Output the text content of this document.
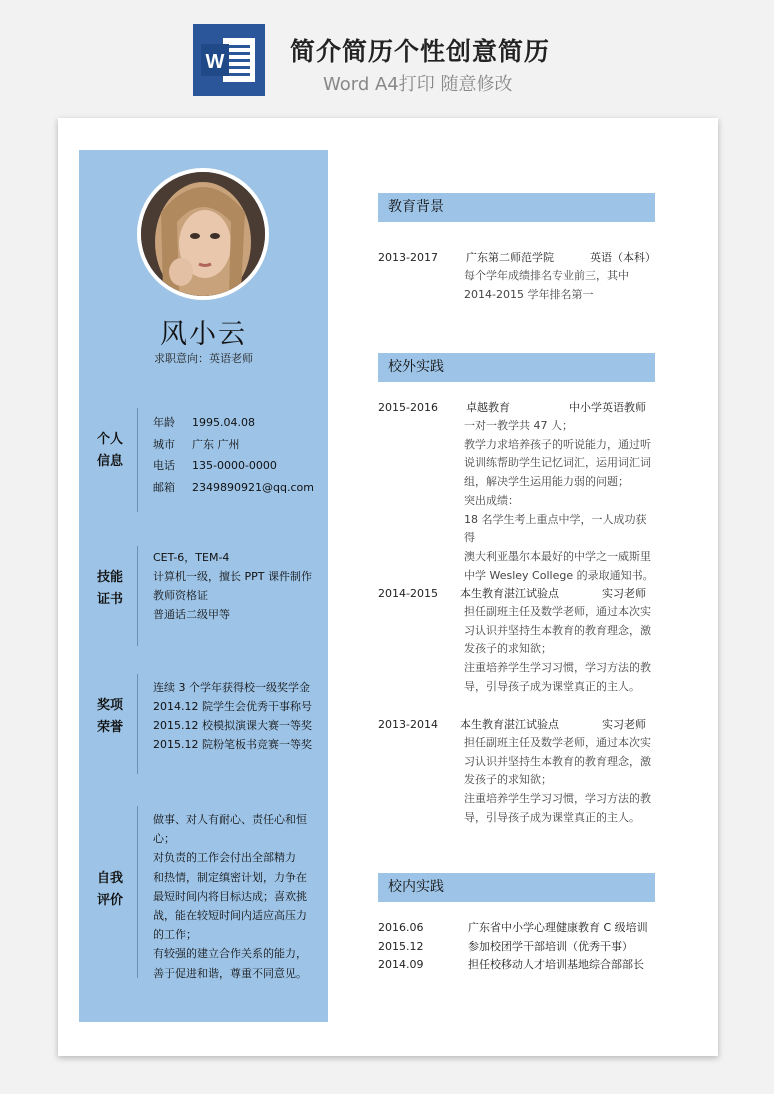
W	简介简历个性创意简历
Word A4打印 随意修改
风小云
求职意向：英语老师
个人
信息
年龄 1995.04.08
城市 广东 广州
电话 135-0000-0000
邮箱 2349890921@qq.com
技能
证书
CET-6，TEM-4
计算机一级，擅长 PPT 课件制作
教师资格证
普通话二级甲等
奖项
荣誉
连续 3 个学年获得校一级奖学金
2014.12 院学生会优秀干事称号
2015.12 校模拟演课大赛一等奖
2015.12 院粉笔板书竞赛一等奖
自我
评价
做事、对人有耐心、责任心和恒
心；
对负责的工作会付出全部精力
和热情，制定缜密计划，力争在
最短时间内将目标达成；喜欢挑
战，能在较短时间内适应高压力
的工作；
有较强的建立合作关系的能力，
善于促进和谐，尊重不同意见。
教育背景
2013-2017	广东第二师范学院	英语（本科）
每个学年成绩排名专业前三，其中
2014-2015 学年排名第一
校外实践
2015-2016	卓越教育	中小学英语教师
一对一教学共 47 人；
教学力求培养孩子的听说能力，通过听
说训练帮助学生记忆词汇，运用词汇词
组，解决学生运用能力弱的问题；
突出成绩：
18 名学生考上重点中学，一人成功获得
澳大利亚墨尔本最好的中学之一威斯里
中学 Wesley College 的录取通知书。
2014-2015 本生教育湛江试验点	实习老师
担任副班主任及数学老师，通过本次实
习认识并坚持生本教育的教育理念，激
发孩子的求知欲；
注重培养学生学习习惯，学习方法的教
导，引导孩子成为课堂真正的主人。
2013-2014 本生教育湛江试验点	实习老师
担任副班主任及数学老师，通过本次实
习认识并坚持生本教育的教育理念，激
发孩子的求知欲；
注重培养学生学习习惯，学习方法的教
导，引导孩子成为课堂真正的主人。
校内实践
2016.06	广东省中小学心理健康教育 C 级培训
2015.12	参加校团学干部培训（优秀干事）
2014.09	担任校移动人才培训基地综合部部长
